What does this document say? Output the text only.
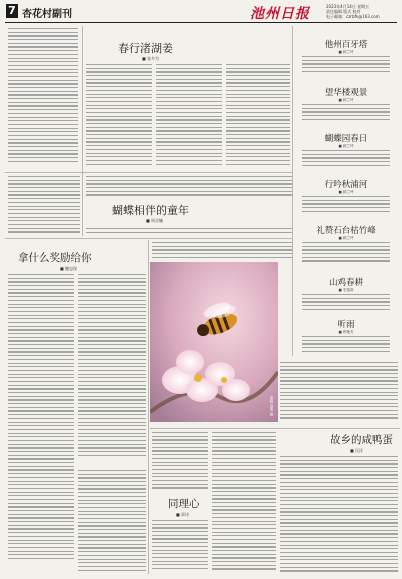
7 杏花村副刊	池州日报	2023年4月14日 星期五
责任编辑 版式 校对
电子邮箱：czrbfk@163.com
春行渚湖姜
■ 张多为
蝴蝶相伴的童年
■ 周含毓
他州百牙塔
■ 顾兰坪
望华楼观景
■ 顾兰坪
蝴蝶园春日
■ 顾兰坪
行吟秋浦河
■ 顾兰坪
礼赞石台枯竹峰
■ 顾兰坪
山鸡春耕
■ 史铭禹
听雨
■ 穆艳芳
拿什么奖励给你
■ 鲍忠保
蜜蜂 查燕 摄
故乡的咸鸭蛋
■ 汪洋
同理心
■ 章诗
